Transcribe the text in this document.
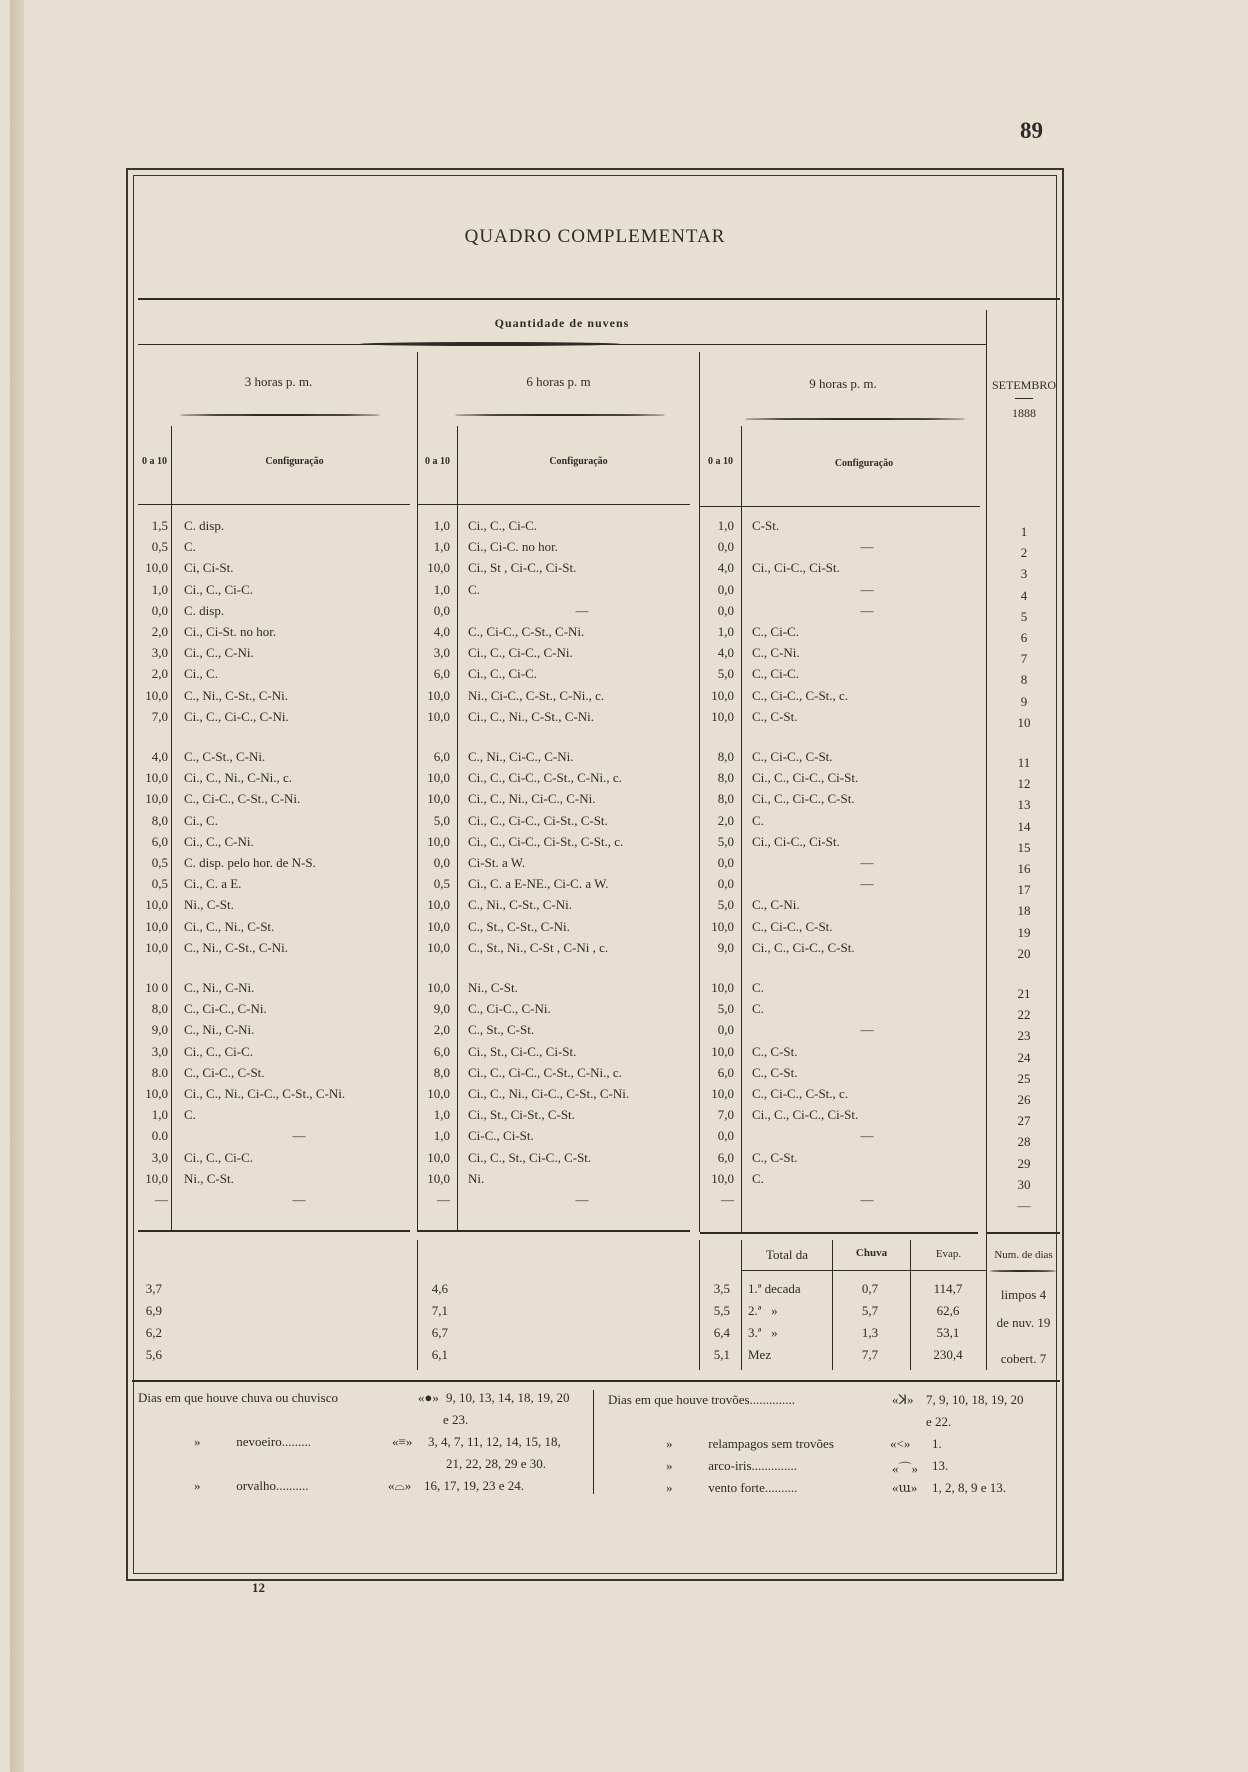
89
QUADRO COMPLEMENTAR
Quantidade de nuvens
3 horas p. m.	6 horas p. m	9 horas p. m.	SETEMBRO
1888
0 a 10	Configuração	0 a 10	Configuração	0 a 10	Configuração
1,5 C. disp.	1,0 Ci., C., Ci-C.	1,0 C-St.	1
0,5 C.	1,0 Ci., Ci-C. no hor.	0,0	—	2
10,0 Ci, Ci-St.	10,0 Ci., St , Ci-C., Ci-St.	4,0 Ci., Ci-C., Ci-St.	3
1,0 Ci., C., Ci-C.	1,0 C.	0,0	—	4
0,0 C. disp.	0,0	—	0,0	—	5
2,0 Ci., Ci-St. no hor.	4,0 C., Ci-C., C-St., C-Ni.	1,0 C., Ci-C.	6
3,0 Ci., C., C-Ni.	3,0 Ci., C., Ci-C., C-Ni.	4,0 C., C-Ni.	7
2,0 Ci., C.	6,0 Ci., C., Ci-C.	5,0 C., Ci-C.	8
10,0 C., Ni., C-St., C-Ni.	10,0 Ni., Ci-C., C-St., C-Ni., c.	10,0 C., Ci-C., C-St., c.	9
7,0 Ci., C., Ci-C., C-Ni.	10,0 Ci., C., Ni., C-St., C-Ni.	10,0 C., C-St.	10
4,0 C., C-St., C-Ni.	6,0 C., Ni., Ci-C., C-Ni.	8,0 C., Ci-C., C-St.	11
10,0 Ci., C., Ni., C-Ni., c.	10,0 Ci., C., Ci-C., C-St., C-Ni., c.	8,0 Ci., C., Ci-C., Ci-St.	12
10,0 C., Ci-C., C-St., C-Ni.	10,0 Ci., C., Ni., Ci-C., C-Ni.	8,0 Ci., C., Ci-C., C-St.	13
8,0 Ci., C.	5,0 Ci., C., Ci-C., Ci-St., C-St.	2,0 C.	14
6,0 Ci., C., C-Ni.	10,0 Ci., C., Ci-C., Ci-St., C-St., c.	5,0 Ci., Ci-C., Ci-St.	15
0,5 C. disp. pelo hor. de N-S.	0,0 Ci-St. a W.	0,0	—	16
0,5 Ci., C. a E.	0,5 Ci., C. a E-NE., Ci-C. a W.	0,0	—	17
10,0 Ni., C-St.	10,0 C., Ni., C-St., C-Ni.	5,0 C., C-Ni.	18
10,0 Ci., C., Ni., C-St.	10,0 C., St., C-St., C-Ni.	10,0 C., Ci-C., C-St.	19
10,0 C., Ni., C-St., C-Ni.	10,0 C., St., Ni., C-St , C-Ni , c.	9,0 Ci., C., Ci-C., C-St.	20
10 0 C., Ni., C-Ni.	10,0 Ni., C-St.	10,0 C.	21
8,0 C., Ci-C., C-Ni.	9,0 C., Ci-C., C-Ni.	5,0 C.	22
9,0 C., Ni., C-Ni.	2,0 C., St., C-St.	0,0	—	23
3,0 Ci., C., Ci-C.	6,0 Ci., St., Ci-C., Ci-St.	10,0 C., C-St.	24
8.0 C., Ci-C., C-St.	8,0 Ci., C., Ci-C., C-St., C-Ni., c.	6,0 C., C-St.	25
10,0 Ci., C., Ni., Ci-C., C-St., C-Ni.	10,0 Ci., C., Ni., Ci-C., C-St., C-Ni.	10,0 C., Ci-C., C-St., c.	26
1,0 C.	1,0 Ci., St., Ci-St., C-St.	7,0 Ci., C., Ci-C., Ci-St.	27
0.0	—	1,0 Ci-C., Ci-St.	0,0	—	28
3,0 Ci., C., Ci-C.	10,0 Ci., C., St., Ci-C., C-St.	6,0 C., C-St.	29
10,0 Ni., C-St.	10,0 Ni.	10,0 C.	30
—	—	—	—	—	—	—
Total da	Chuva	Evap.	Num. de dias
3,7	4,6	3,5 1.ª decada	0,7	114,7
6,9	7,1	5,5 2.ª   »	5,7	62,6
6,2	6,7	6,4 3.ª   »	1,3	53,1
5,6	6,1	5,1 Mez	7,7	230,4
limpos 4
de nuv. 19
cobert. 7
Dias em que houve chuva ou chuvisco	«●» 9, 10, 13, 14, 18, 19, 20
e 23.
»           nevoeiro.........	«≡» 3, 4, 7, 11, 12, 14, 15, 18,
21, 22, 28, 29 e 30.
»           orvalho..........	«⌓» 16, 17, 19, 23 e 24.
Dias em que houve trovões..............	«ꓘ» 7, 9, 10, 18, 19, 20
e 22.
»           relampagos sem trovões	«<» 1.
»           arco-iris..............	«⌒» 13.
»           vento forte..........	«ա» 1, 2, 8, 9 e 13.
12
